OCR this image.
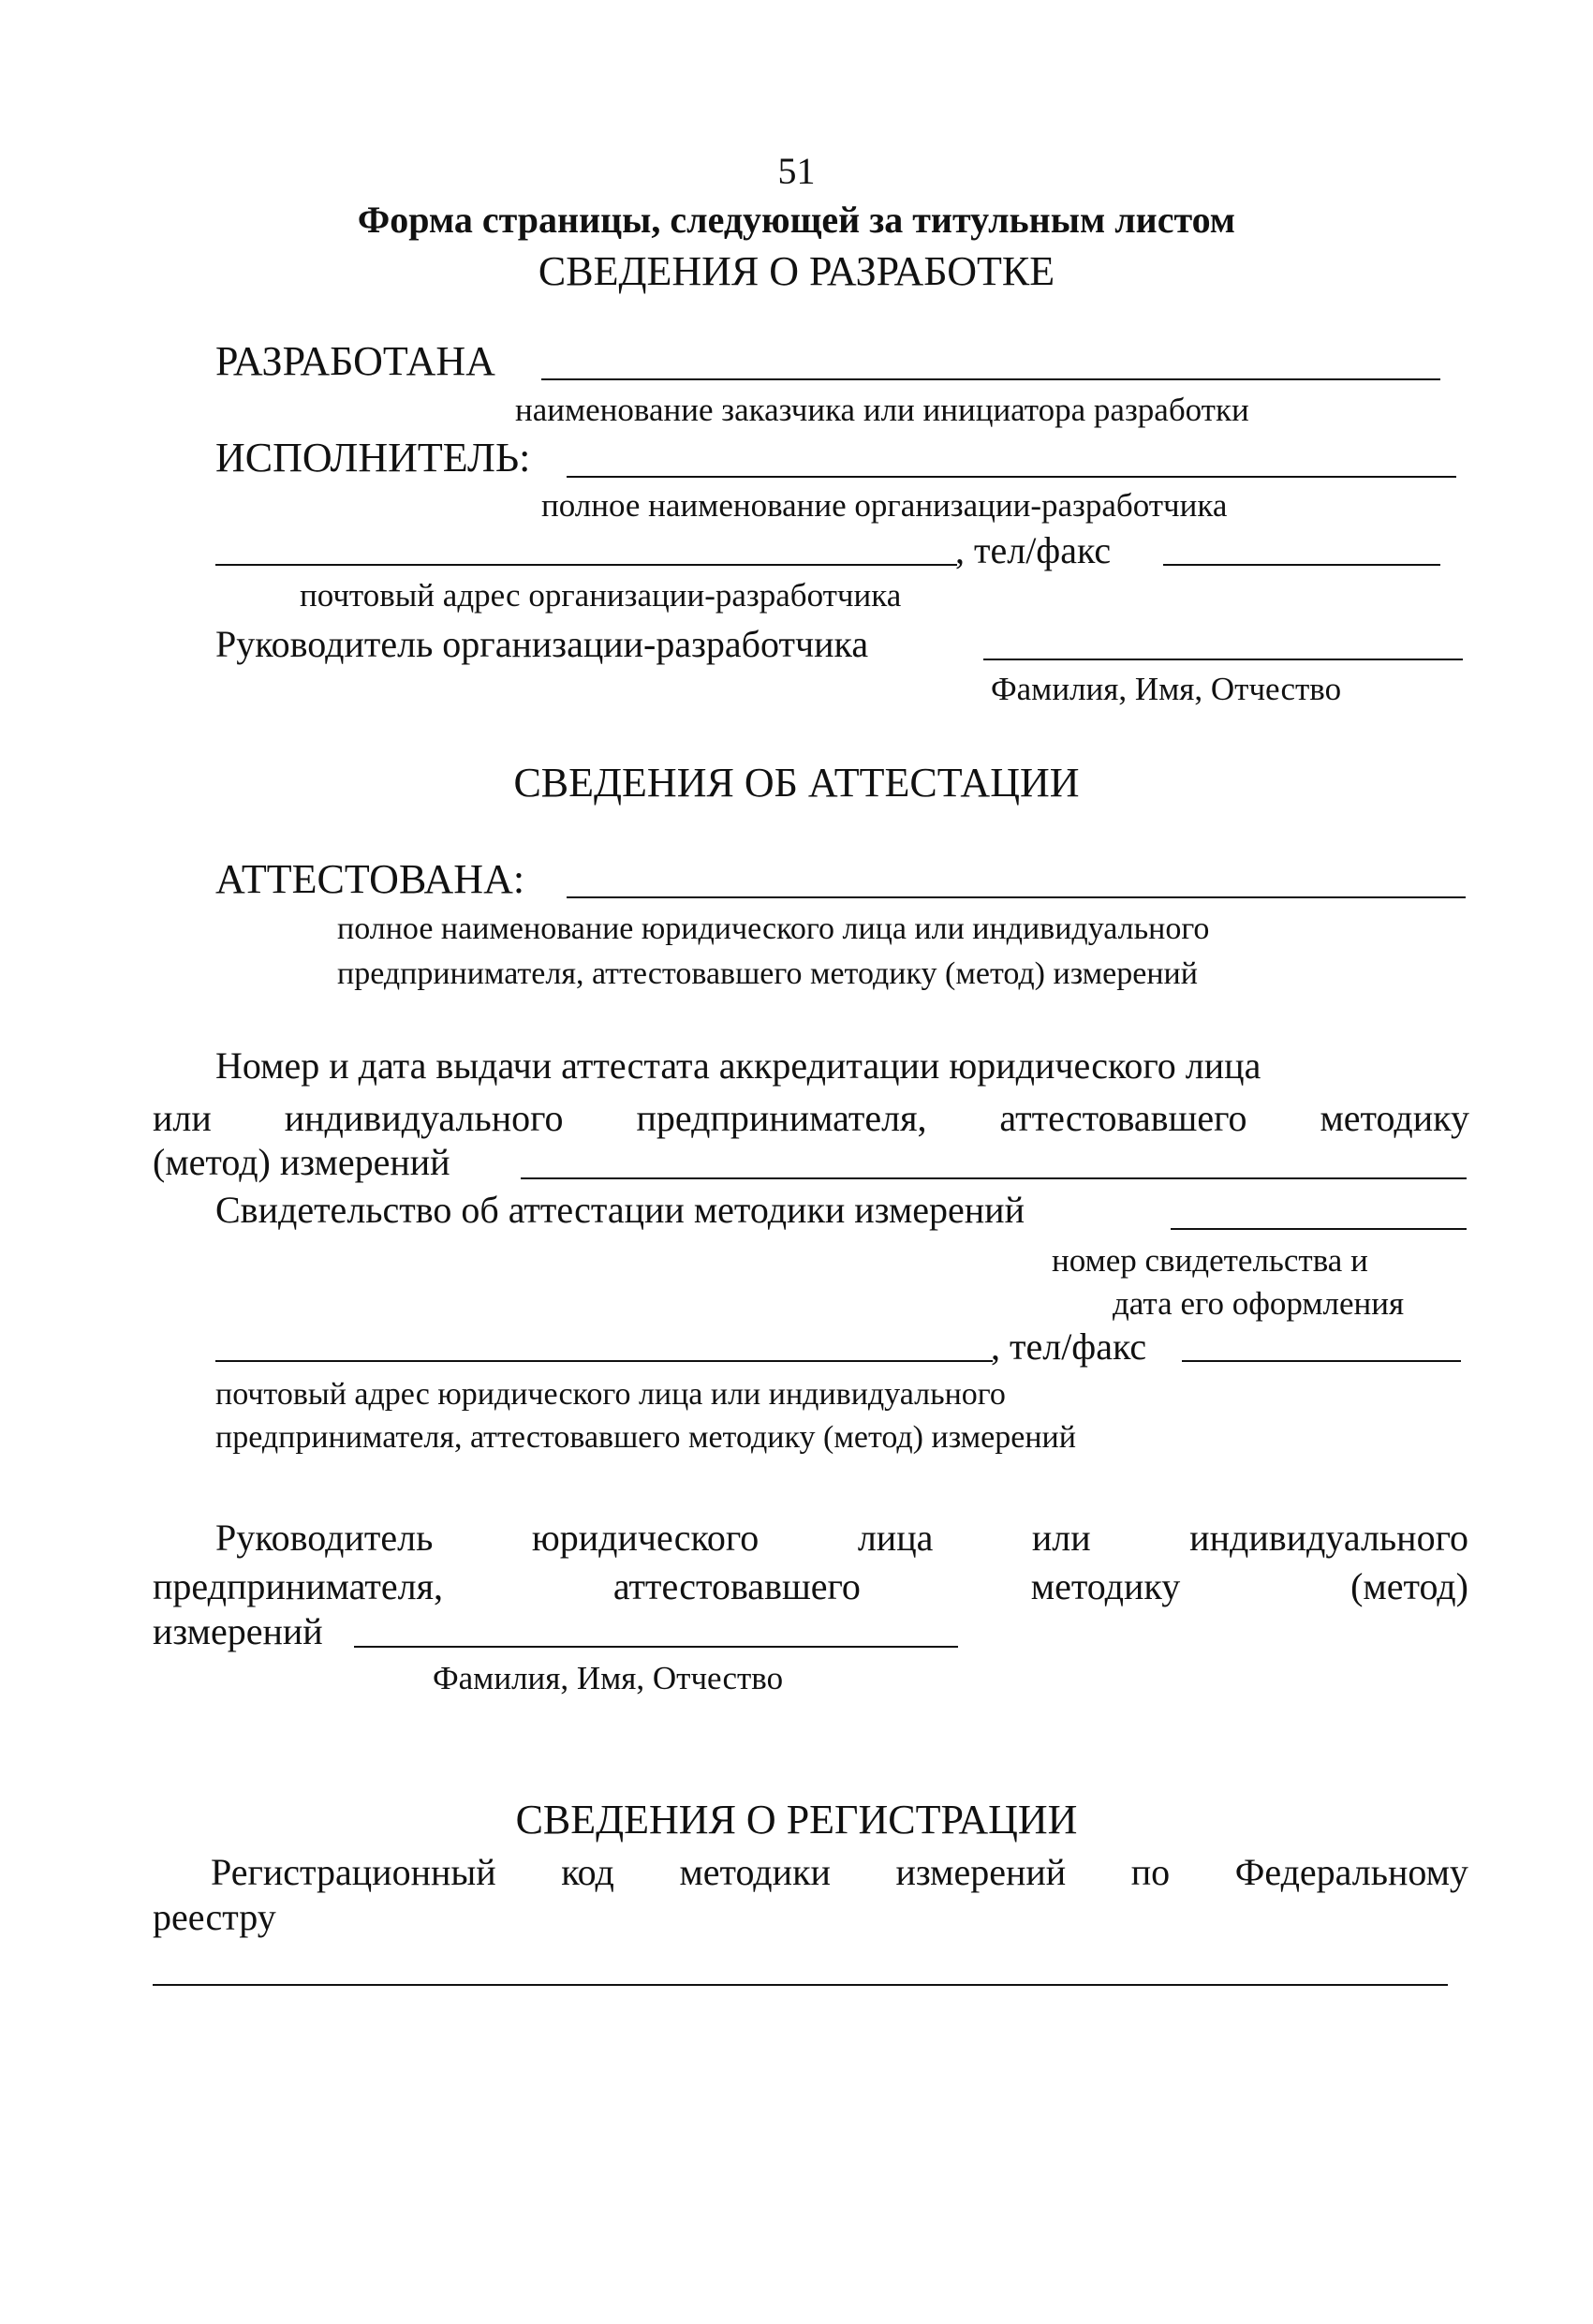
51
Форма страницы, следующей за титульным листом
СВЕДЕНИЯ О РАЗРАБОТКЕ
РАЗРАБОТАНА
наименование заказчика или инициатора разработки
ИСПОЛНИТЕЛЬ:
полное наименование организации-разработчика
, тел/факс
почтовый адрес организации-разработчика
Руководитель организации-разработчика
Фамилия, Имя, Отчество
СВЕДЕНИЯ ОБ АТТЕСТАЦИИ
АТТЕСТОВАНА:
полное наименование юридического лица или индивидуального
предпринимателя, аттестовавшего методику (метод) измерений
Номер и дата выдачи аттестата аккредитации юридического лица
или индивидуального предпринимателя, аттестовавшего методику
(метод) измерений
Свидетельство об аттестации методики измерений
номер свидетельства и
дата его оформления
, тел/факс
почтовый адрес юридического лица или индивидуального
предпринимателя, аттестовавшего методику (метод) измерений
Руководитель	юридического	лица	или	индивидуального
предпринимателя,	аттестовавшего	методику	(метод)
измерений
Фамилия, Имя, Отчество
СВЕДЕНИЯ О РЕГИСТРАЦИИ
Регистрационный код методики измерений по Федеральному
реестру
